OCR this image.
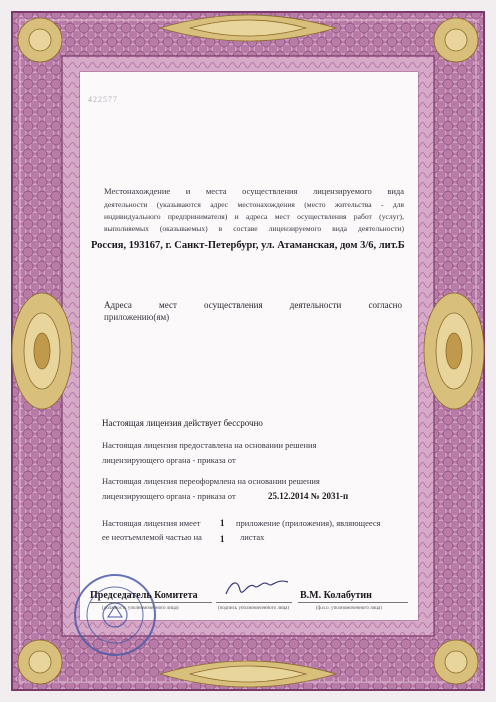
422577
Местонахождение и места осуществления лицензируемого вида
деятельности (указываются адрес местонахождения (место жительства - для
индивидуального предпринимателя) и адреса мест осуществления работ (услуг),
выполняемых (оказываемых) в составе лицензируемого вида деятельности)
Россия, 193167, г. Санкт-Петербург, ул. Атаманская, дом 3/6, лит.Б
Адреса мест осуществления деятельности согласно
приложению(ям)
Настоящая лицензия действует бессрочно
Настоящая лицензия предоставлена на основании решения
лицензирующего органа - приказа от
Настоящая лицензия переоформлена на основании решения
лицензирующего органа - приказа от	25.12.2014 № 2031-п
Настоящая лицензия имеет 1 приложение (приложения), являющееся
ее неотъемлемой частью на 1 листах
Председатель Комитета
(должность уполномоченного лица)	(подпись уполномоченного лица)
В.М. Колабутин
(ф.и.о. уполномоченного лица)
